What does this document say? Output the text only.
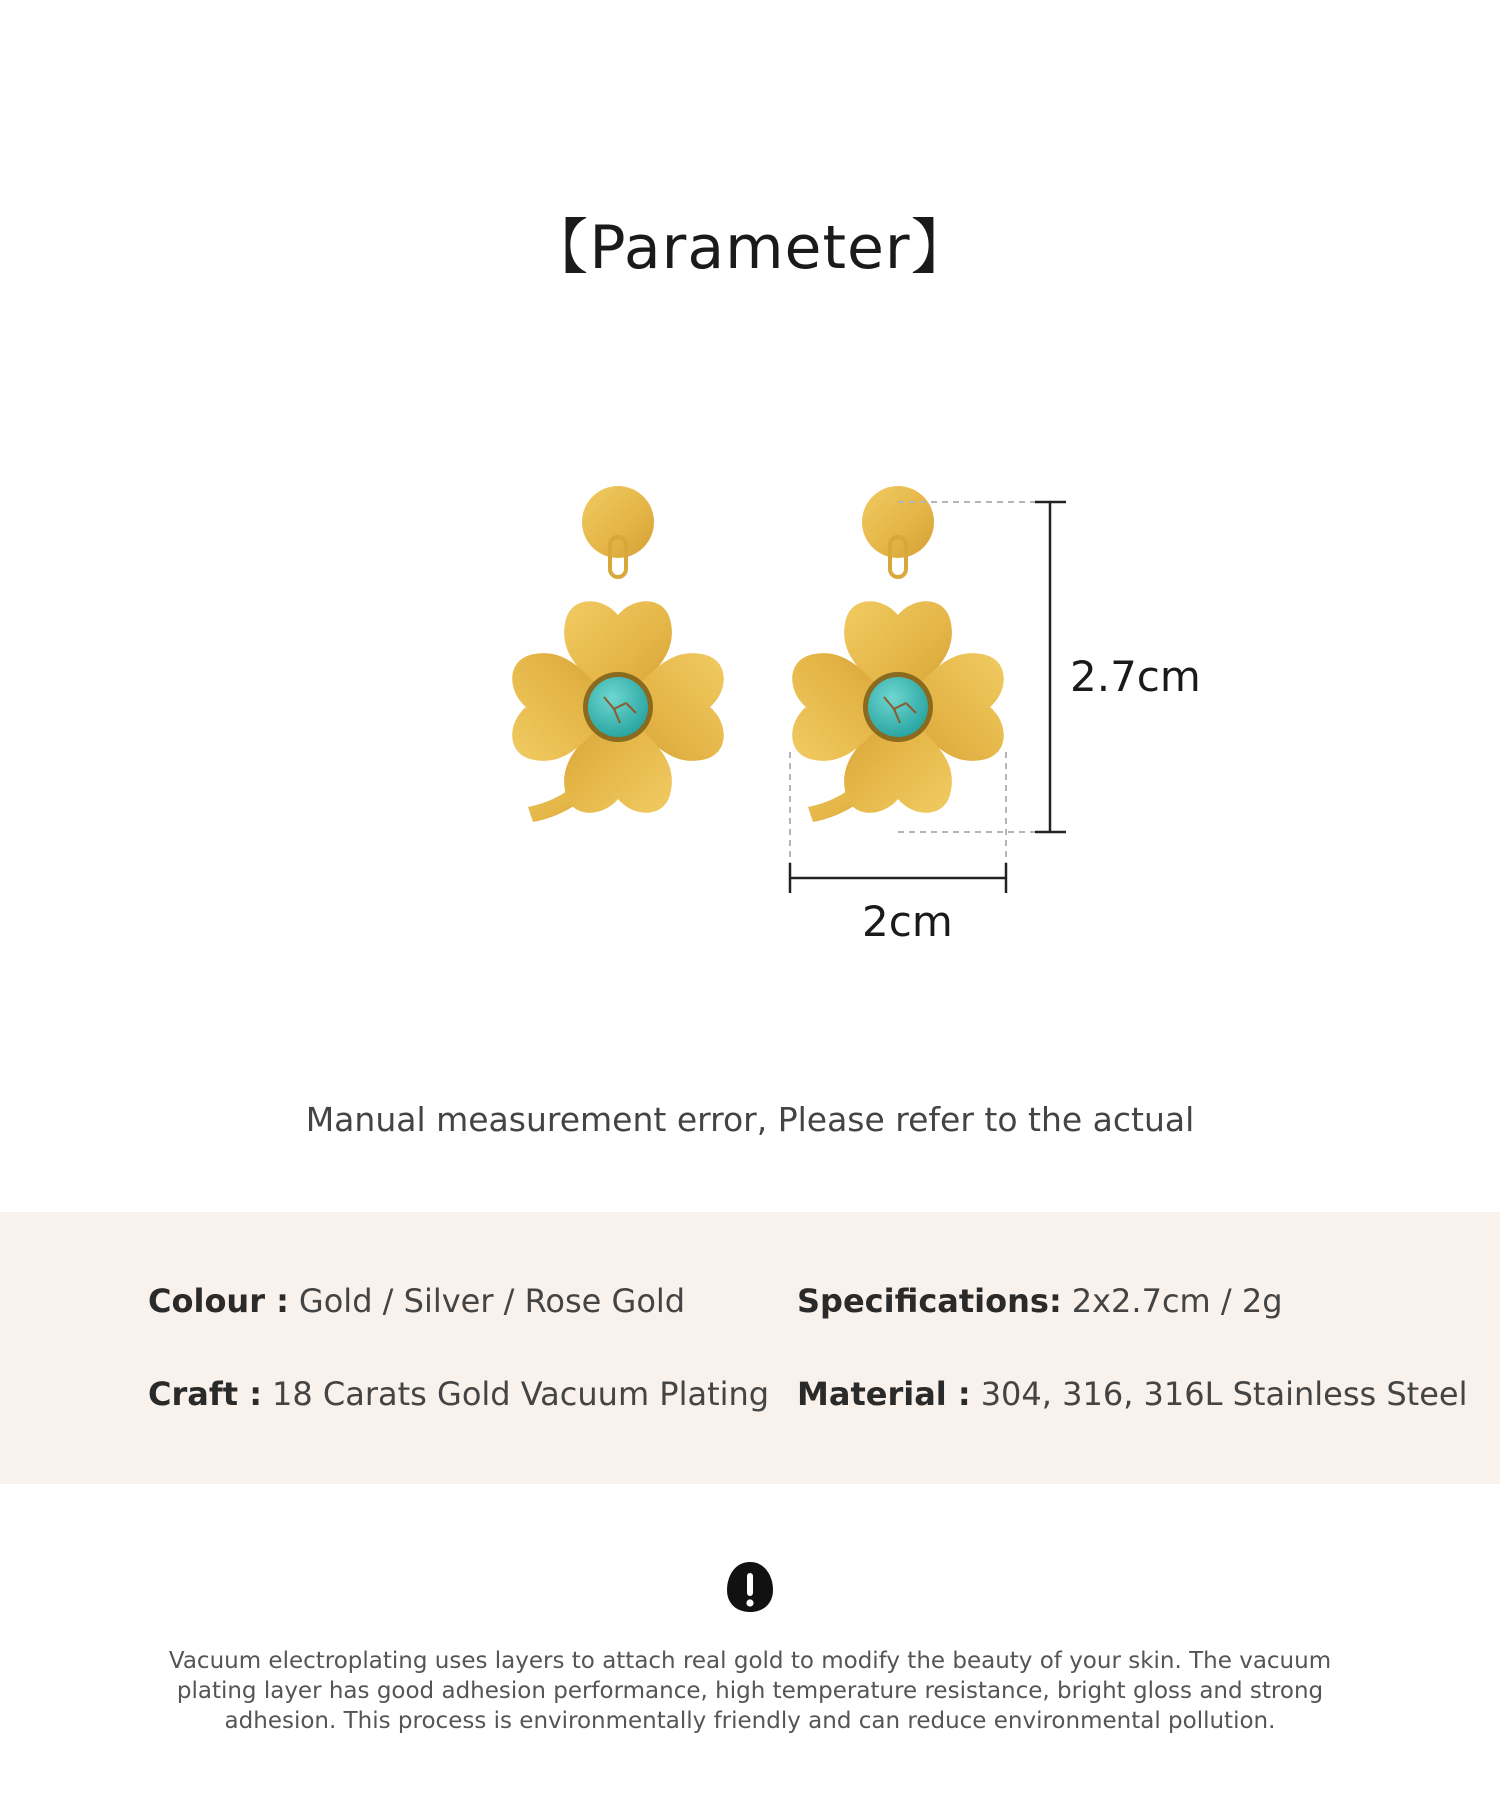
【Parameter】
2.7cm
2cm
Manual measurement error, Please refer to the actual
Colour : Gold / Silver / Rose Gold	Specifications: 2x2.7cm / 2g
Craft : 18 Carats Gold Vacuum Plating Material : 304, 316, 316L Stainless Steel
Vacuum electroplating uses layers to attach real gold to modify the beauty of your skin. The vacuum plating layer has good adhesion performance, high temperature resistance, bright gloss and strong adhesion. This process is environmentally friendly and can reduce environmental pollution.
